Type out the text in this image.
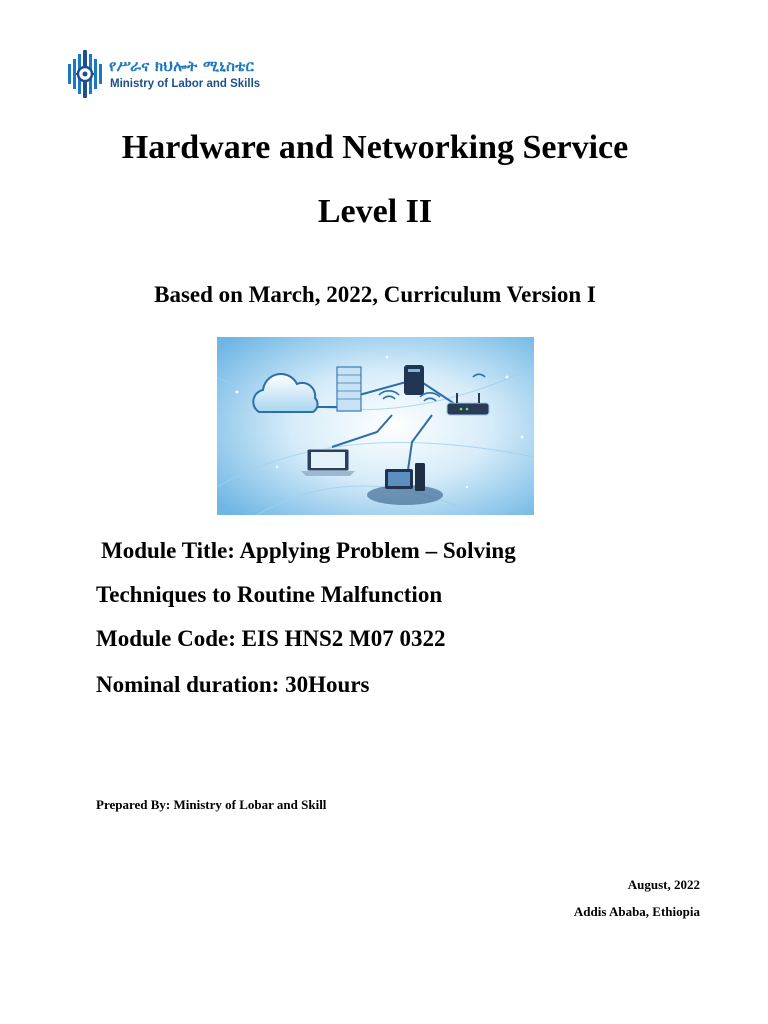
የሥራና ክህሎት ሚኒስቴር
Ministry of Labor and Skills
Hardware and Networking Service
Level II
Based on March, 2022, Curriculum Version I

Module Title: Applying Problem – Solving

Techniques to Routine Malfunction

Module Code: EIS HNS2 M07 0322

Nominal duration: 30Hours

Prepared By: Ministry of Lobar and Skill

August, 2022
Addis Ababa, Ethiopia
